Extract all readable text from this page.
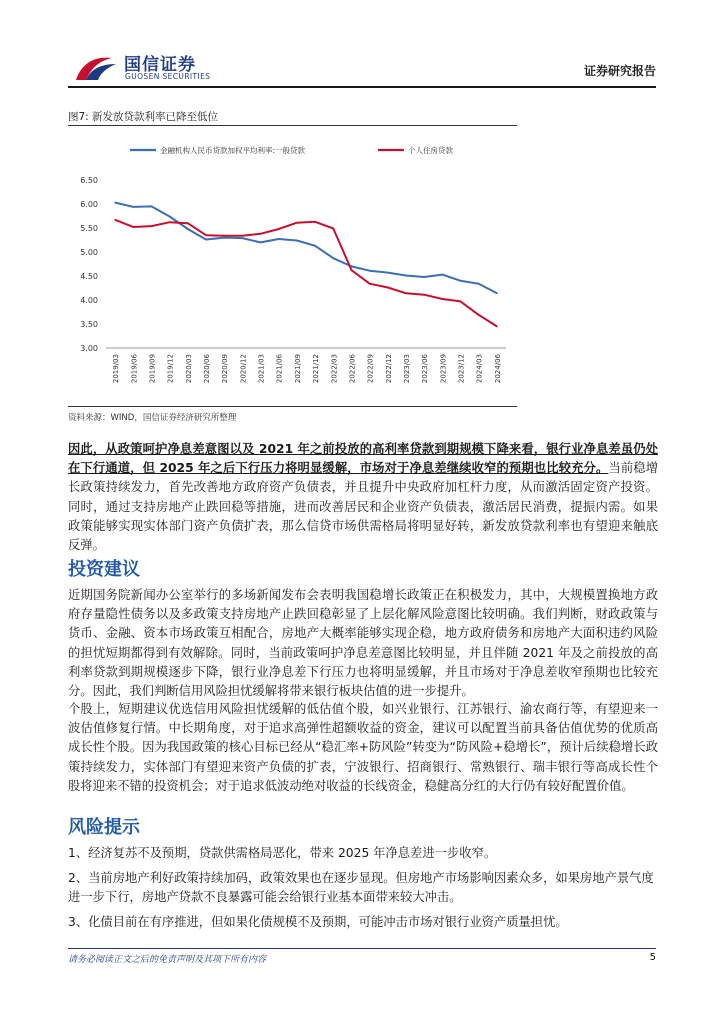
国信证券
GUOSEN SECURITIES	证券研究报告
图7: 新发放贷款利率已降至低位
金融机构人民币贷款加权平均利率:一般贷款	个人住房贷款
6.50
6.00
5.50
5.00
4.50
4.00
3.50
3.00
2019/03 2019/06 2019/09 2019/12 2020/03 2020/06 2020/09 2020/12 2021/03 2021/06 2021/09 2021/12 2022/03 2022/06 2022/09 2022/12 2023/03 2023/06 2023/09 2023/12 2024/03 2024/06
资料来源：WIND，国信证券经济研究所整理
因此，从政策呵护净息差意图以及 2021 年之前投放的高利率贷款到期规模下降来看，银行业净息差虽仍处在下行通道，但 2025 年之后下行压力将明显缓解，市场对于净息差继续收窄的预期也比较充分。当前稳增长政策持续发力，首先改善地方政府资产负债表，并且提升中央政府加杠杆力度，从而激活固定资产投资。同时，通过支持房地产止跌回稳等措施，进而改善居民和企业资产负债表，激活居民消费，提振内需。如果政策能够实现实体部门资产负债扩表，那么信贷市场供需格局将明显好转，新发放贷款利率也有望迎来触底反弹。
投资建议
近期国务院新闻办公室举行的多场新闻发布会表明我国稳增长政策正在积极发力，其中，大规模置换地方政府存量隐性债务以及多政策支持房地产止跌回稳彰显了上层化解风险意图比较明确。我们判断，财政政策与货币、金融、资本市场政策互相配合，房地产大概率能够实现企稳，地方政府债务和房地产大面积违约风险的担忧短期都得到有效解除。同时，当前政策呵护净息差意图比较明显，并且伴随 2021 年及之前投放的高利率贷款到期规模逐步下降，银行业净息差下行压力也将明显缓解，并且市场对于净息差收窄预期也比较充分。因此，我们判断信用风险担忧缓解将带来银行板块估值的进一步提升。
个股上，短期建议优选信用风险担忧缓解的低估值个股，如兴业银行、江苏银行、渝农商行等，有望迎来一波估值修复行情。中长期角度，对于追求高弹性超额收益的资金，建议可以配置当前具备估值优势的优质高成长性个股。因为我国政策的核心目标已经从“稳汇率+防风险”转变为“防风险+稳增长”，预计后续稳增长政策持续发力，实体部门有望迎来资产负债的扩表，宁波银行、招商银行、常熟银行、瑞丰银行等高成长性个股将迎来不错的投资机会；对于追求低波动绝对收益的长线资金，稳健高分红的大行仍有较好配置价值。
风险提示
1、经济复苏不及预期，贷款供需格局恶化，带来 2025 年净息差进一步收窄。
2、当前房地产利好政策持续加码，政策效果也在逐步显现。但房地产市场影响因素众多，如果房地产景气度进一步下行，房地产贷款不良暴露可能会给银行业基本面带来较大冲击。
3、化债目前在有序推进，但如果化债规模不及预期，可能冲击市场对银行业资产质量担忧。
请务必阅读正文之后的免责声明及其项下所有内容	5
